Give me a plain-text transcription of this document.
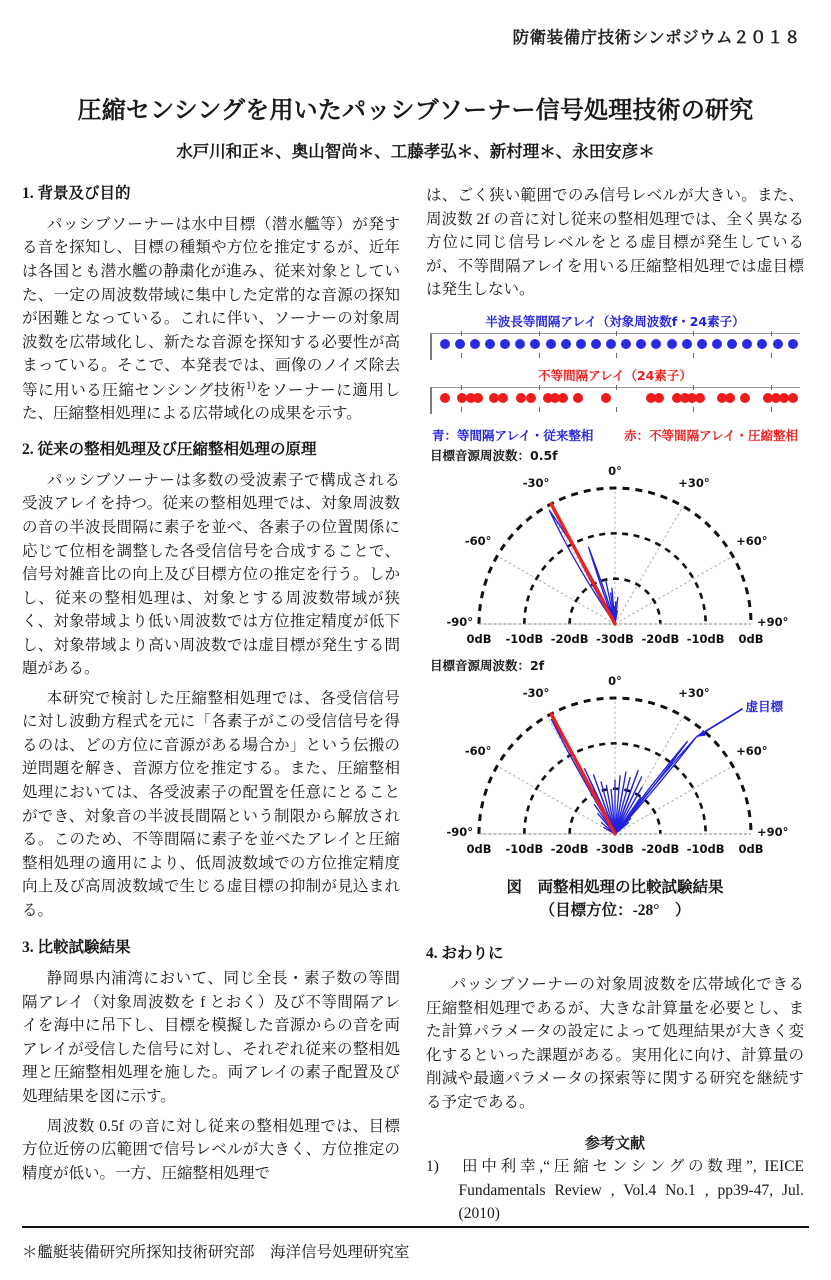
防衛装備庁技術シンポジウム２０１８
圧縮センシングを用いたパッシブソーナー信号処理技術の研究
水戸川和正＊、奥山智尚＊、工藤孝弘＊、新村理＊、永田安彦＊
1. 背景及び目的

パッシブソーナーは水中目標（潜水艦等）が発する音を探知し、目標の種類や方位を推定するが、近年は各国とも潜水艦の静粛化が進み、従来対象としていた、一定の周波数帯域に集中した定常的な音源の探知が困難となっている。これに伴い、ソーナーの対象周波数を広帯域化し、新たな音源を探知する必要性が高まっている。そこで、本発表では、画像のノイズ除去等に用いる圧縮センシング技術$^{1)}$をソーナーに適用した、圧縮整相処理による広帯域化の成果を示す。

2. 従来の整相処理及び圧縮整相処理の原理

パッシブソーナーは多数の受波素子で構成される受波アレイを持つ。従来の整相処理では、対象周波数の音の半波長間隔に素子を並べ、各素子の位置関係に応じて位相を調整した各受信信号を合成することで、信号対雑音比の向上及び目標方位の推定を行う。しかし、従来の整相処理は、対象とする周波数帯域が狭く、対象帯域より低い周波数では方位推定精度が低下し、対象帯域より高い周波数では虚目標が発生する問題がある。

本研究で検討した圧縮整相処理では、各受信信号に対し波動方程式を元に「各素子がこの受信信号を得るのは、どの方位に音源がある場合か」という伝搬の逆問題を解き、音源方位を推定する。また、圧縮整相処理においては、各受波素子の配置を任意にとることができ、対象音の半波長間隔という制限から解放される。このため、不等間隔に素子を並べたアレイと圧縮整相処理の適用により、低周波数域での方位推定精度向上及び高周波数域で生じる虚目標の抑制が見込まれる。

3. 比較試験結果

静岡県内浦湾において、同じ全長・素子数の等間隔アレイ（対象周波数を f とおく）及び不等間隔アレイを海中に吊下し、目標を模擬した音源からの音を両アレイが受信した信号に対し、それぞれ従来の整相処理と圧縮整相処理を施した。両アレイの素子配置及び処理結果を図に示す。

周波数 0.5f の音に対し従来の整相処理では、目標方位近傍の広範囲で信号レベルが大きく、方位推定の精度が低い。一方、圧縮整相処理で

は、ごく狭い範囲でのみ信号レベルが大きい。また、周波数 2f の音に対し従来の整相処理では、全く異なる方位に同じ信号レベルをとる虚目標が発生しているが、不等間隔アレイを用いる圧縮整相処理では虚目標は発生しない。

半波長等間隔アレイ（対象周波数f・24素子）
不等間隔アレイ（24素子）
青：等間隔アレイ・従来整相 赤：不等間隔アレイ・圧縮整相
目標音源周波数：0.5f
-90°
-60°
-30°
0°
+30°
+60°
+90°
0dB -10dB -20dB -30dB -20dB -10dB 0dB
目標音源周波数：2f
-90°
-60°
-30°
0°
+30°
+60°
+90°
0dB -10dB -20dB -30dB -20dB -10dB 0dB
虚目標
図　両整相処理の比較試験結果
（目標方位：-28°　）
4. おわりに

パッシブソーナーの対象周波数を広帯域化できる圧縮整相処理であるが、大きな計算量を必要とし、また計算パラメータの設定によって処理結果が大きく変化するといった課題がある。実用化に向け、計算量の削減や最適パラメータの探索等に関する研究を継続する予定である。

参考文献
1)　田中利幸,“圧縮センシングの数理”, IEICE Fundamentals Review , Vol.4 No.1 , pp39-47, Jul. (2010)
＊艦艇装備研究所探知技術研究部　海洋信号処理研究室
